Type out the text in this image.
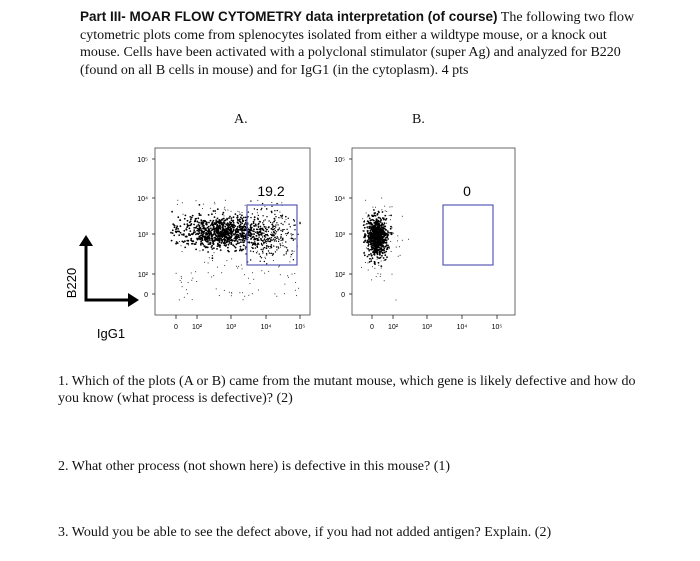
Part III- MOAR FLOW CYTOMETRY data interpretation (of course) The following two flow cytometric plots come from splenocytes isolated from either a wildtype mouse, or a knock out mouse. Cells have been activated with a polyclonal stimulator (super Ag) and analyzed for B220 (found on all B cells in mouse) and for IgG1 (in the cytoplasm). 4 pts
A.	B.
B220
IgG1
19.2
10⁵
10⁴
10³
10²
0
0 10²	10³	10⁴	10⁵
0
10⁵
10⁴
10³
10²
0
0 10²	10³	10⁴	10⁵
1. Which of the plots (A or B) came from the mutant mouse, which gene is likely defective and how do you know (what process is defective)? (2)
2. What other process (not shown here) is defective in this mouse? (1)
3. Would you be able to see the defect above, if you had not added antigen? Explain. (2)
